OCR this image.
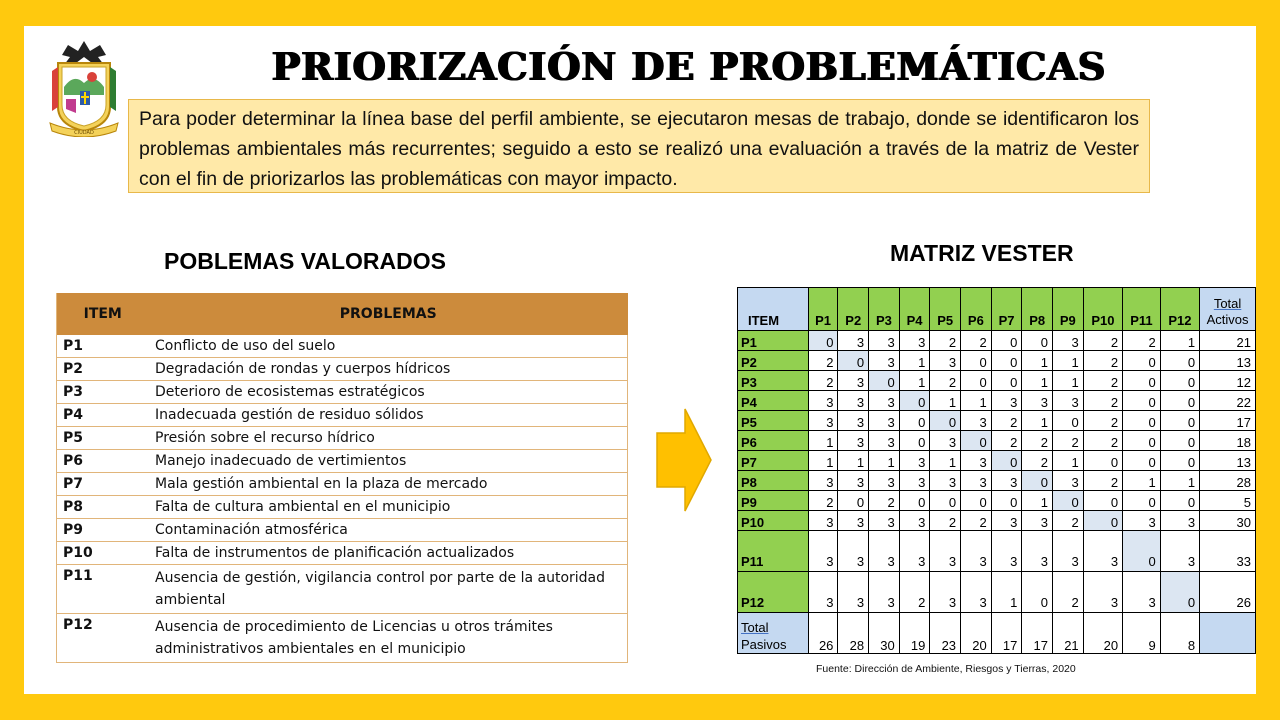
CIUDAD
PRIORIZACIÓN DE PROBLEMÁTICAS
Para poder determinar la línea base del perfil ambiente, se ejecutaron mesas de trabajo, donde se identificaron los problemas ambientales más recurrentes; seguido a esto se realizó una evaluación a través de la matriz de Vester con el fin de priorizarlos las problemáticas con mayor impacto.
POBLEMAS VALORADOS	MATRIZ VESTER
ITEM	PROBLEMAS
P1	Conflicto de uso del suelo
P2	Degradación de rondas y cuerpos hídricos
P3	Deterioro de ecosistemas estratégicos
P4	Inadecuada gestión de residuo sólidos
P5	Presión sobre el recurso hídrico
P6	Manejo inadecuado de vertimientos
P7	Mala gestión ambiental en la plaza de mercado
P8	Falta de cultura ambiental en el municipio
P9	Contaminación atmosférica
P10	Falta de instrumentos de planificación actualizados
P11	Ausencia de gestión, vigilancia control por parte de la autoridad ambiental
P12	Ausencia de procedimiento de Licencias u otros trámites administrativos ambientales en el municipio
ITEM	P1	P2	P3	P4	P5	P6	P7	P8	P9	P10	P11	P12	Total
Activos
P1	0	3	3	3	2	2	0	0	3	2	2	1	21
P2	2	0	3	1	3	0	0	1	1	2	0	0	13
P3	2	3	0	1	2	0	0	1	1	2	0	0	12
P4	3	3	3	0	1	1	3	3	3	2	0	0	22
P5	3	3	3	0	0	3	2	1	0	2	0	0	17
P6	1	3	3	0	3	0	2	2	2	2	0	0	18
P7	1	1	1	3	1	3	0	2	1	0	0	0	13
P8	3	3	3	3	3	3	3	0	3	2	1	1	28
P9	2	0	2	0	0	0	0	1	0	0	0	0	5
P10	3	3	3	3	2	2	3	3	2	0	3	3	30
P11	3	3	3	3	3	3	3	3	3	3	0	3	33
P12	3	3	3	2	3	3	1	0	2	3	3	0	26
Total
Pasivos	26	28	30	19	23	20	17	17	21	20	9	8	
Fuente: Dirección de Ambiente, Riesgos y Tierras, 2020
